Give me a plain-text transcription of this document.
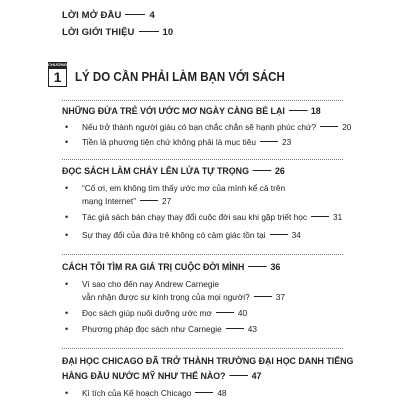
LỜI MỞ ĐẦU	4
LỜI GIỚI THIỆU	10
CHƯƠNG
1	LÝ DO CẦN PHẢI LÀM BẠN VỚI SÁCH
NHỮNG ĐỨA TRẺ VỚI ƯỚC MƠ NGÀY CÀNG BÉ LẠI	18
• Nếu trở thành người giàu có bạn chắc chắn sẽ hạnh phúc chứ?	20
• Tiền là phương tiện chứ không phải là mục tiêu	23
ĐỌC SÁCH LÀM CHÁY LÊN LỬA TỰ TRỌNG	26
• “Cố ơi, em không tìm thấy ước mơ của mình kể cả trên
mạng Internet”	27
• Tác giả sách bán chạy thay đổi cuộc đời sau khi gặp triết học	31
• Sự thay đổi của đứa trẻ không có cảm giác tồn tại	34
CÁCH TÔI TÌM RA GIÁ TRỊ CUỘC ĐỜI MÌNH	36
• Vì sao cho đến nay Andrew Carnegie
vẫn nhận được sự kính trọng của mọi người?	37
• Đọc sách giúp nuôi dưỡng ước mơ	40
• Phương pháp đọc sách như Carnegie	43
ĐẠI HỌC CHICAGO ĐÃ TRỞ THÀNH TRƯỜNG ĐẠI HỌC DANH TIẾNG
HÀNG ĐẦU NƯỚC MỸ NHƯ THẾ NÀO?	47
• Kì tích của Kế hoạch Chicago	48
